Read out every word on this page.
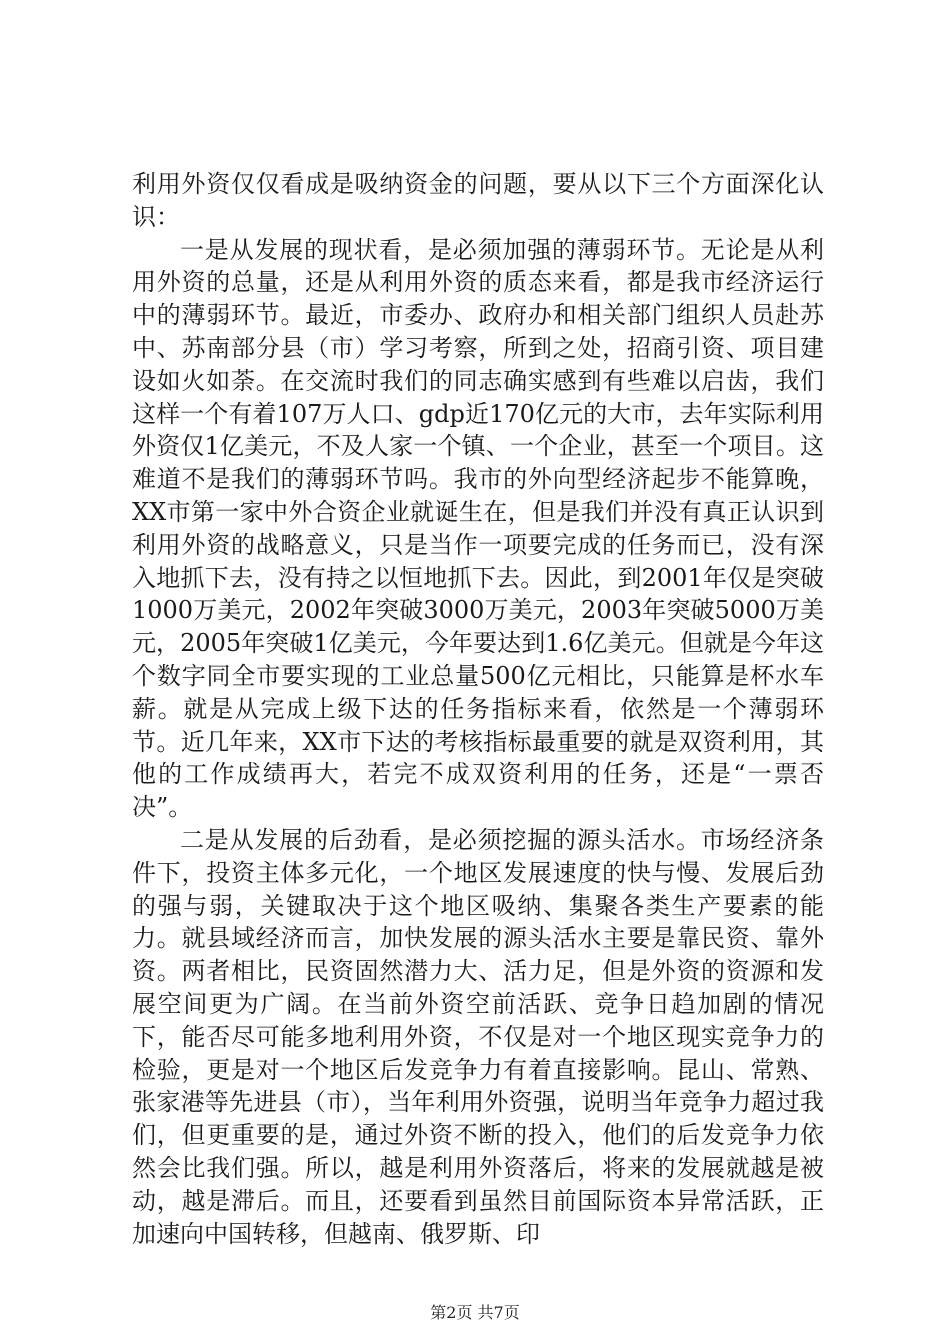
利用外资仅仅看成是吸纳资金的问题，要从以下三个方面深化认识：

一是从发展的现状看，是必须加强的薄弱环节。无论是从利用外资的总量，还是从利用外资的质态来看，都是我市经济运行中的薄弱环节。最近，市委办、政府办和相关部门组织人员赴苏中、苏南部分县（市）学习考察，所到之处，招商引资、项目建设如火如荼。在交流时我们的同志确实感到有些难以启齿，我们这样一个有着107万人口、gdp近170亿元的大市，去年实际利用外资仅1亿美元，不及人家一个镇、一个企业，甚至一个项目。这难道不是我们的薄弱环节吗。我市的外向型经济起步不能算晚，XX市第一家中外合资企业就诞生在，但是我们并没有真正认识到利用外资的战略意义，只是当作一项要完成的任务而已，没有深入地抓下去，没有持之以恒地抓下去。因此，到2001年仅是突破1000万美元，2002年突破3000万美元，2003年突破5000万美元，2005年突破1亿美元，今年要达到1.6亿美元。但就是今年这个数字同全市要实现的工业总量500亿元相比，只能算是杯水车薪。就是从完成上级下达的任务指标来看，依然是一个薄弱环节。近几年来，XX市下达的考核指标最重要的就是双资利用，其他的工作成绩再大，若完不成双资利用的任务，还是“一票否决”。

二是从发展的后劲看，是必须挖掘的源头活水。市场经济条件下，投资主体多元化，一个地区发展速度的快与慢、发展后劲的强与弱，关键取决于这个地区吸纳、集聚各类生产要素的能力。就县域经济而言，加快发展的源头活水主要是靠民资、靠外资。两者相比，民资固然潜力大、活力足，但是外资的资源和发展空间更为广阔。在当前外资空前活跃、竞争日趋加剧的情况下，能否尽可能多地利用外资，不仅是对一个地区现实竞争力的检验，更是对一个地区后发竞争力有着直接影响。昆山、常熟、张家港等先进县（市），当年利用外资强，说明当年竞争力超过我们，但更重要的是，通过外资不断的投入，他们的后发竞争力依然会比我们强。所以，越是利用外资落后，将来的发展就越是被动，越是滞后。而且，还要看到虽然目前国际资本异常活跃，正加速向中国转移，但越南、俄罗斯、印

第2页 共7页
